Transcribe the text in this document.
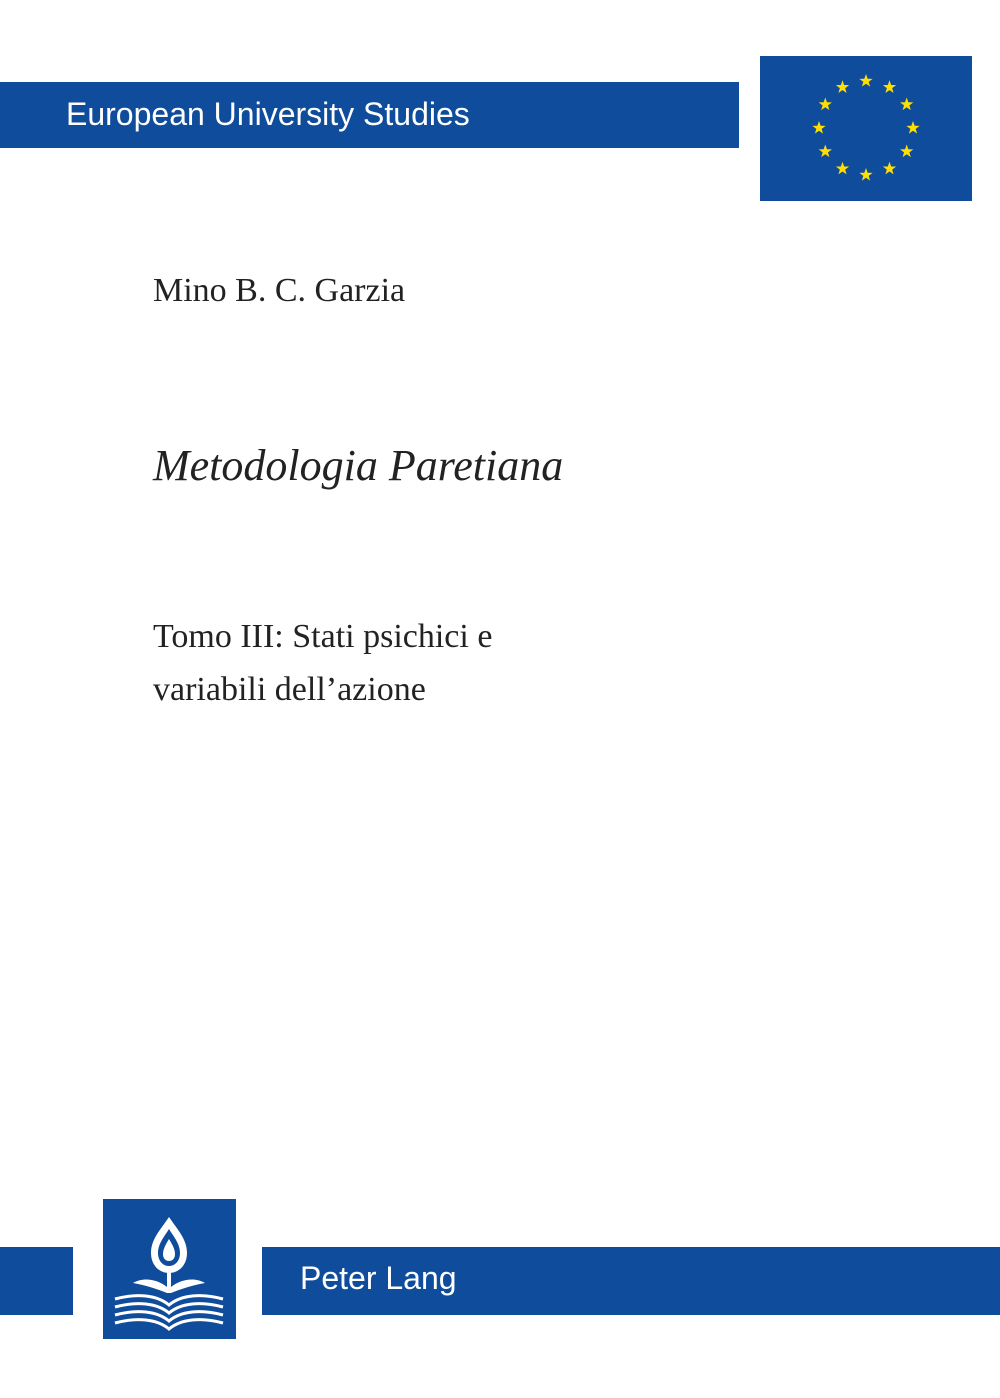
European University Studies
Mino B. C. Garzia
Metodologia Paretiana
Tomo III: Stati psichici e
variabili dell’azione
Peter Lang
